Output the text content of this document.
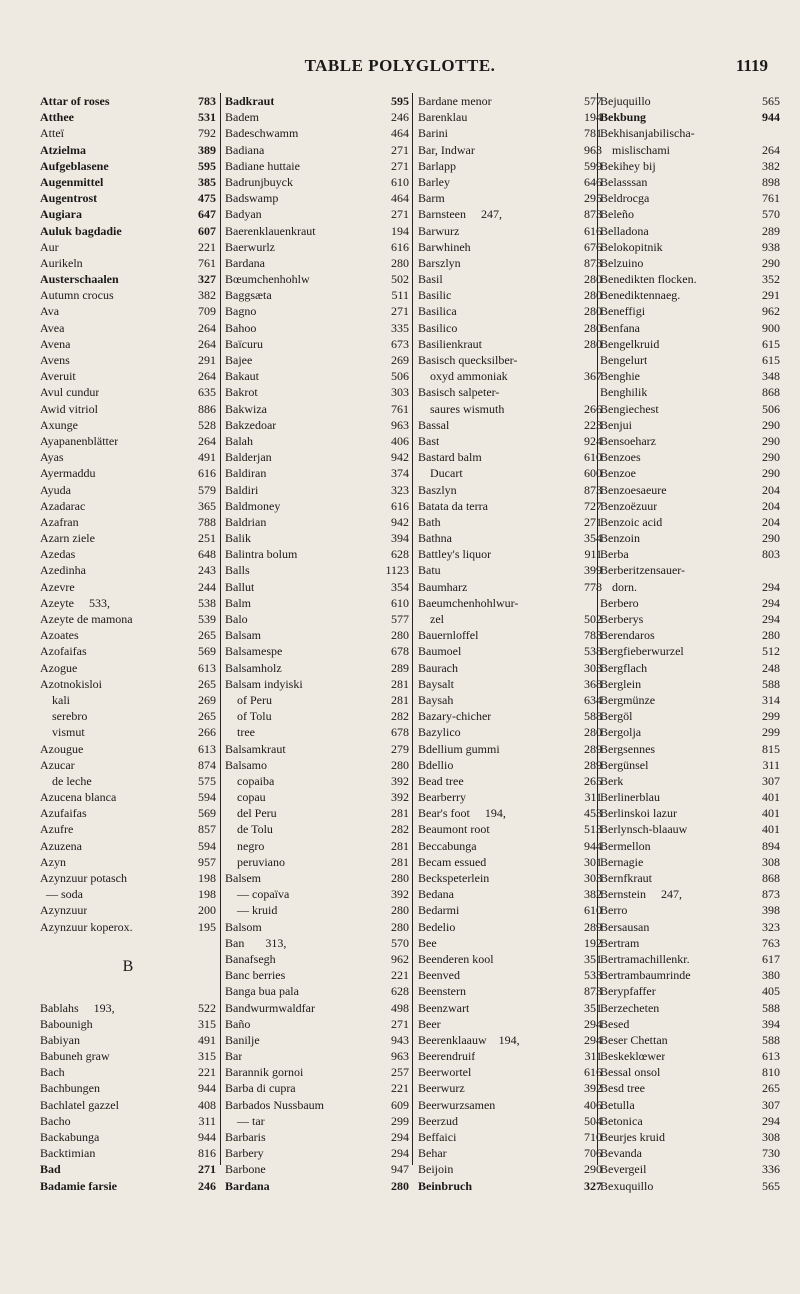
TABLE POLYGLOTTE.	1119
Attar of roses	783
Atthee	531
Atteï	792
Atzielma	389
Aufgeblasene	595
Augenmittel	385
Augentrost	475
Augiara	647
Auluk bagdadie	607
Aur	221
Aurikeln	761
Austerschaalen	327
Autumn crocus	382
Ava	709
Avea	264
Avena	264
Avens	291
Averuit	264
Avul cundur	635
Awid vitriol	886
Axunge	528
Ayapanenblätter	264
Ayas	491
Ayermaddu	616
Ayuda	579
Azadarac	365
Azafran	788
Azarn ziele	251
Azedas	648
Azedinha	243
Azevre	244
Azeyte     533,	538
Azeyte de mamona	539
Azoates	265
Azofaifas	569
Azogue	613
Azotnokisloi	265
kali	269
serebro	265
vismut	266
Azougue	613
Azucar	874
de leche	575
Azucena blanca	594
Azufaifas	569
Azufre	857
Azuzena	594
Azyn	957
Azynzuur potasch	198
— soda	198
Azynzuur	200
Azynzuur koperox.	195
B
Bablahs     193,	522
Babounigh	315
Babiyan	491
Babuneh graw	315
Bach	221
Bachbungen	944
Bachlatel gazzel	408
Bacho	311
Backabunga	944
Backtimian	816
Bad	271
Badamie farsie	246
Badkraut	595
Badem	246
Badeschwamm	464
Badiana	271
Badiane huttaie	271
Badrunjbuyck	610
Badswamp	464
Badyan	271
Baerenklauenkraut	194
Baerwurlz	616
Bardana	280
Bœumchenhohlw	502
Baggsæta	511
Bagno	271
Bahoo	335
Baïcuru	673
Bajee	269
Bakaut	506
Bakrot	303
Bakwiza	761
Bakzedoar	963
Balah	406
Balderjan	942
Baldiran	374
Baldiri	323
Baldmoney	616
Baldrian	942
Balik	394
Balintra bolum	628
Balls	1123
Ballut	354
Balm	610
Balo	577
Balsam	280
Balsamespe	678
Balsamholz	289
Balsam indyiski	281
of Peru	281
of Tolu	282
tree	678
Balsamkraut	279
Balsamo	280
copaiba	392
copau	392
del Peru	281
de Tolu	282
negro	281
peruviano	281
Balsem	280
— copaïva	392
— kruid	280
Balsom	280
Ban       313,	570
Banafsegh	962
Banc berries	221
Banga bua pala	628
Bandwurmwaldfar	498
Baño	271
Banilje	943
Bar	963
Barannik gornoi	257
Barba di cupra	221
Barbados Nussbaum	609
— tar	299
Barbaris	294
Barbery	294
Barbone	947
Bardana	280
Bardane menor	577
Barenklau	194
Barini	781
Bar, Indwar	963
Barlapp	599
Barley	646
Barm	295
Barnsteen     247,	873
Barwurz	616
Barwhineh	676
Barszlyn	873
Basil	280
Basilic	280
Basilica	280
Basilico	280
Basilienkraut	280
Basisch quecksilber-
oxyd ammoniak	367
Basisch salpeter-
saures wismuth	266
Bassal	223
Bast	924
Bastard balm	610
Ducart	600
Baszlyn	873
Batata da terra	727
Bath	271
Bathna	354
Battley's liquor	911
Batu	399
Baumharz	778
Baeumchenhohlwur-
zel	502
Bauernloffel	783
Baumoel	538
Baurach	303
Baysalt	368
Baysah	634
Bazary-chicher	588
Bazylico	280
Bdellium gummi	289
Bdellio	289
Bead tree	265
Bearberry	311
Bear's foot     194,	453
Beaumont root	513
Beccabunga	944
Becam essued	301
Beckspeterlein	303
Bedana	382
Bedarmi	610
Bedelio	289
Bee	192
Beenderen kool	351
Beenved	533
Beenstern	873
Beenzwart	351
Beer	294
Beerenklaauw    194,	294
Beerendruif	311
Beerwortel	616
Beerwurz	392
Beerwurzsamen	406
Beerzud	504
Beffaici	710
Behar	706
Beijoin	290
Beinbruch	327
Bejuquillo	565
Bekbung	944
Bekhisanjabilischa-
mislischami	264
Bekihey bij	382
Belasssan	898
Beldrocga	761
Beleño	570
Belladona	289
Belokopitnik	938
Belzuino	290
Benedikten flocken.	352
Benediktennaeg.	291
Beneffigi	962
Benfana	900
Bengelkruid	615
Bengelurt	615
Benghie	348
Benghilik	868
Bengiechest	506
Benjui	290
Bensoeharz	290
Benzoes	290
Benzoe	290
Benzoesaeure	204
Benzoëzuur	204
Benzoic acid	204
Benzoin	290
Berba	803
Berberitzensauer-
dorn.	294
Berbero	294
Berberys	294
Berendaros	280
Bergfieberwurzel	512
Bergflach	248
Berglein	588
Bergmünze	314
Bergöl	299
Bergolja	299
Bergsennes	815
Bergünsel	311
Berk	307
Berlinerblau	401
Berlinskoi lazur	401
Berlynsch-blaauw	401
Bermellon	894
Bernagie	308
Bernfkraut	868
Bernstein     247,	873
Berro	398
Bersausan	323
Bertram	763
Bertramachillenkr.	617
Bertrambaumrinde	380
Berypfaffer	405
Berzecheten	588
Besed	394
Beser Chettan	588
Beskeklœwer	613
Bessal onsol	810
Besd tree	265
Betulla	307
Betonica	294
Beurjes kruid	308
Bevanda	730
Bevergeil	336
Bexuquillo	565
